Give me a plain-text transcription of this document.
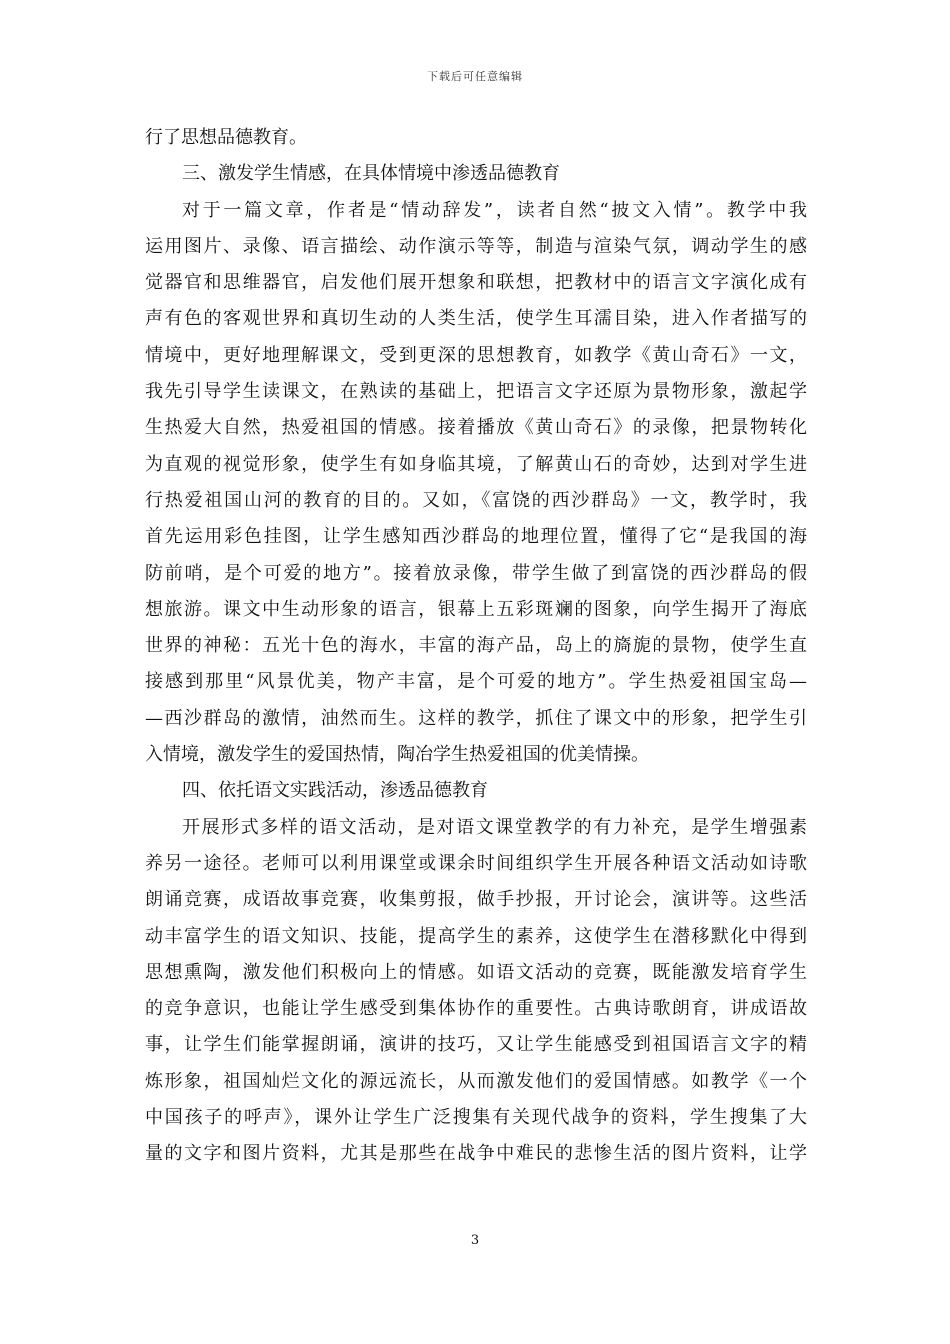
下载后可任意编辑
行了思想品德教育。
三、激发学生情感，在具体情境中渗透品德教育
对于一篇文章，作者是“情动辞发”，读者自然“披文入情”。教学中我
运用图片、录像、语言描绘、动作演示等等，制造与渲染气氛，调动学生的感
觉器官和思维器官，启发他们展开想象和联想，把教材中的语言文字演化成有
声有色的客观世界和真切生动的人类生活，使学生耳濡目染，进入作者描写的
情境中，更好地理解课文，受到更深的思想教育，如教学《黄山奇石》一文，
我先引导学生读课文，在熟读的基础上，把语言文字还原为景物形象，激起学
生热爱大自然，热爱祖国的情感。接着播放《黄山奇石》的录像，把景物转化
为直观的视觉形象，使学生有如身临其境，了解黄山石的奇妙，达到对学生进
行热爱祖国山河的教育的目的。又如，《富饶的西沙群岛》一文，教学时，我
首先运用彩色挂图，让学生感知西沙群岛的地理位置，懂得了它“是我国的海
防前哨，是个可爱的地方”。接着放录像，带学生做了到富饶的西沙群岛的假
想旅游。课文中生动形象的语言，银幕上五彩斑斓的图象，向学生揭开了海底
世界的神秘：五光十色的海水，丰富的海产品，岛上的旖旎的景物，使学生直
接感到那里“风景优美，物产丰富，是个可爱的地方”。学生热爱祖国宝岛—
—西沙群岛的激情，油然而生。这样的教学，抓住了课文中的形象，把学生引
入情境，激发学生的爱国热情，陶冶学生热爱祖国的优美情操。
四、依托语文实践活动，渗透品德教育
开展形式多样的语文活动，是对语文课堂教学的有力补充，是学生增强素
养另一途径。老师可以利用课堂或课余时间组织学生开展各种语文活动如诗歌
朗诵竞赛，成语故事竞赛，收集剪报，做手抄报，开讨论会，演讲等。这些活
动丰富学生的语文知识、技能，提高学生的素养，这使学生在潜移默化中得到
思想熏陶，激发他们积极向上的情感。如语文活动的竞赛，既能激发培育学生
的竞争意识，也能让学生感受到集体协作的重要性。古典诗歌朗育，讲成语故
事，让学生们能掌握朗诵，演讲的技巧，又让学生能感受到祖国语言文字的精
炼形象，祖国灿烂文化的源远流长，从而激发他们的爱国情感。如教学《一个
中国孩子的呼声》，课外让学生广泛搜集有关现代战争的资料，学生搜集了大
量的文字和图片资料，尤其是那些在战争中难民的悲惨生活的图片资料，让学
3
